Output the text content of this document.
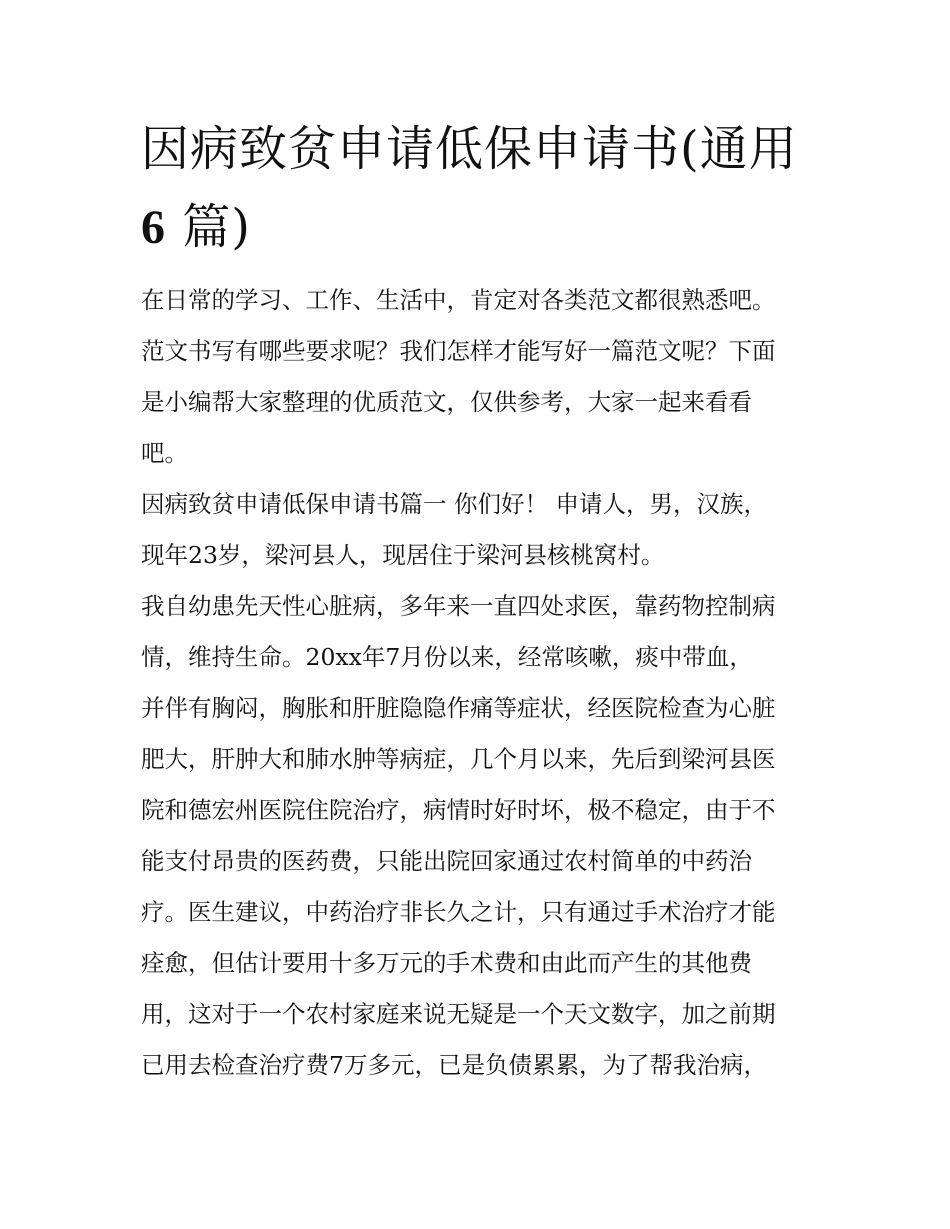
因病致贫申请低保申请书(通用
6 篇)
在日常的学习、工作、生活中，肯定对各类范文都很熟悉吧。
范文书写有哪些要求呢？我们怎样才能写好一篇范文呢？下面
是小编帮大家整理的优质范文，仅供参考，大家一起来看看
吧。
因病致贫申请低保申请书篇一 你们好！ 申请人，男，汉族，
现年23岁，梁河县人，现居住于梁河县核桃窝村。
我自幼患先天性心脏病，多年来一直四处求医，靠药物控制病
情，维持生命。20xx年7月份以来，经常咳嗽，痰中带血，
并伴有胸闷，胸胀和肝脏隐隐作痛等症状，经医院检查为心脏
肥大，肝肿大和肺水肿等病症，几个月以来，先后到梁河县医
院和德宏州医院住院治疗，病情时好时坏，极不稳定，由于不
能支付昂贵的医药费，只能出院回家通过农村简单的中药治
疗。医生建议，中药治疗非长久之计，只有通过手术治疗才能
痊愈，但估计要用十多万元的手术费和由此而产生的其他费
用，这对于一个农村家庭来说无疑是一个天文数字，加之前期
已用去检查治疗费7万多元，已是负债累累，为了帮我治病，
